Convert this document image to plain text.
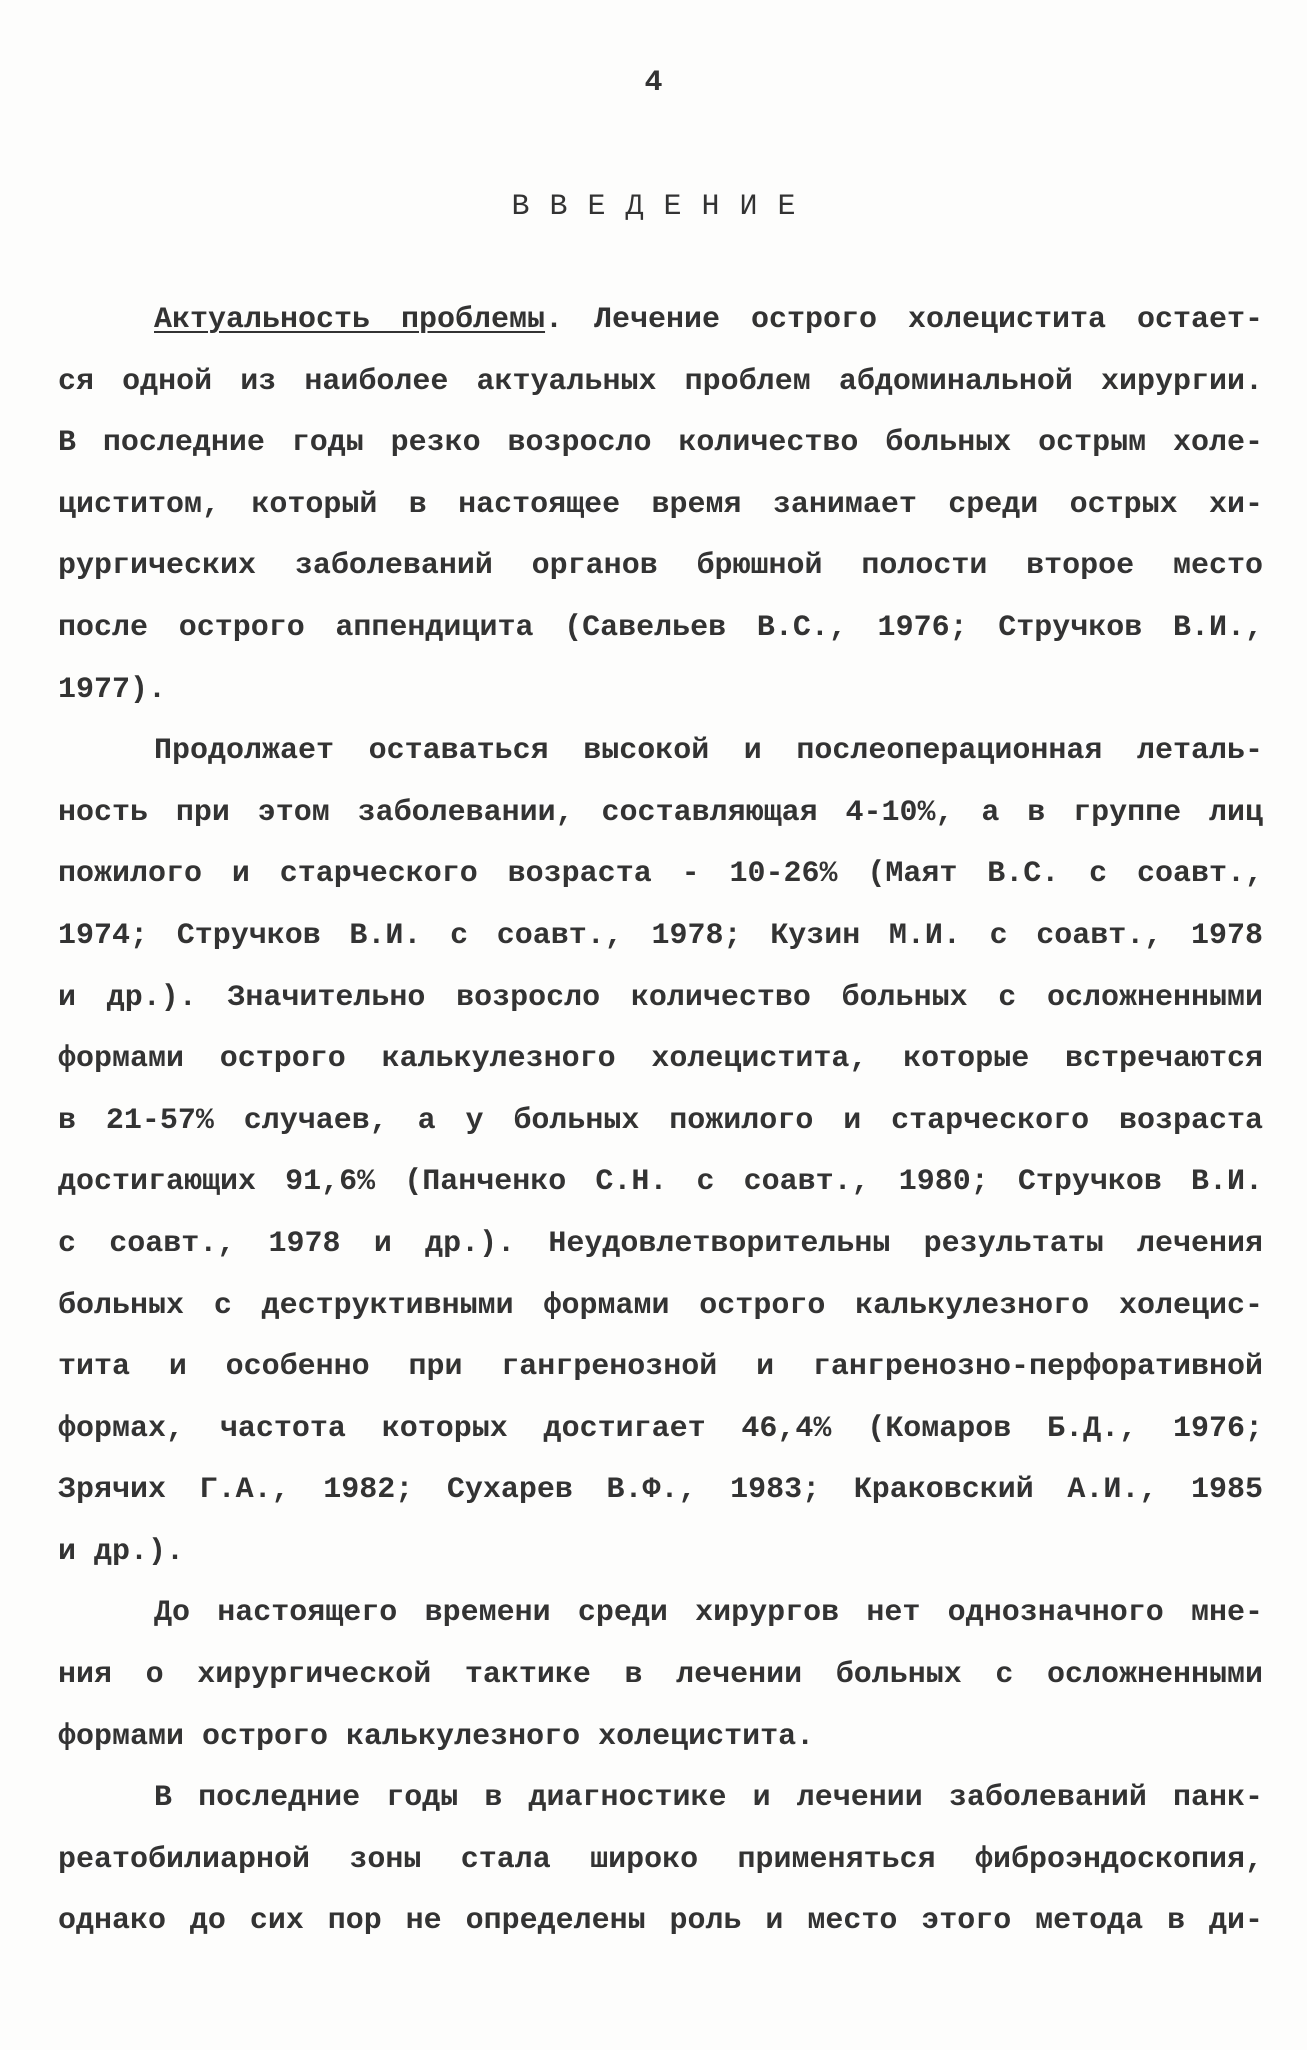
4
ВВЕДЕНИЕ

Актуальность проблемы. Лечение острого холецистита остает-
ся одной из наиболее актуальных проблем абдоминальной хирургии.
В последние годы резко возросло количество больных острым холе-
циститом, который в настоящее время занимает среди острых хи-
рургических заболеваний органов брюшной полости второе место
после острого аппендицита (Савельев В.С., 1976; Стручков В.И.,
1977).

Продолжает оставаться высокой и послеоперационная леталь-
ность при этом заболевании, составляющая 4-10%, а в группе лиц
пожилого и старческого возраста - 10-26% (Маят В.С. с соавт.,
1974; Стручков В.И. с соавт., 1978; Кузин М.И. с соавт., 1978
и др.). Значительно возросло количество больных с осложненными
формами острого калькулезного холецистита, которые встречаются
в 21-57% случаев, а у больных пожилого и старческого возраста
достигающих 91,6% (Панченко С.Н. с соавт., 1980; Стручков В.И.
с соавт., 1978 и др.). Неудовлетворительны результаты лечения
больных с деструктивными формами острого калькулезного холецис-
тита и особенно при гангренозной и гангренозно-перфоративной
формах, частота которых достигает 46,4% (Комаров Б.Д., 1976;
Зрячих Г.А., 1982; Сухарев В.Ф., 1983; Краковский А.И., 1985
и др.).

До настоящего времени среди хирургов нет однозначного мне-
ния о хирургической тактике в лечении больных с осложненными
формами острого калькулезного холецистита.

В последние годы в диагностике и лечении заболеваний панк-
реатобилиарной зоны стала широко применяться фиброэндоскопия,
однако до сих пор не определены роль и место этого метода в ди-
